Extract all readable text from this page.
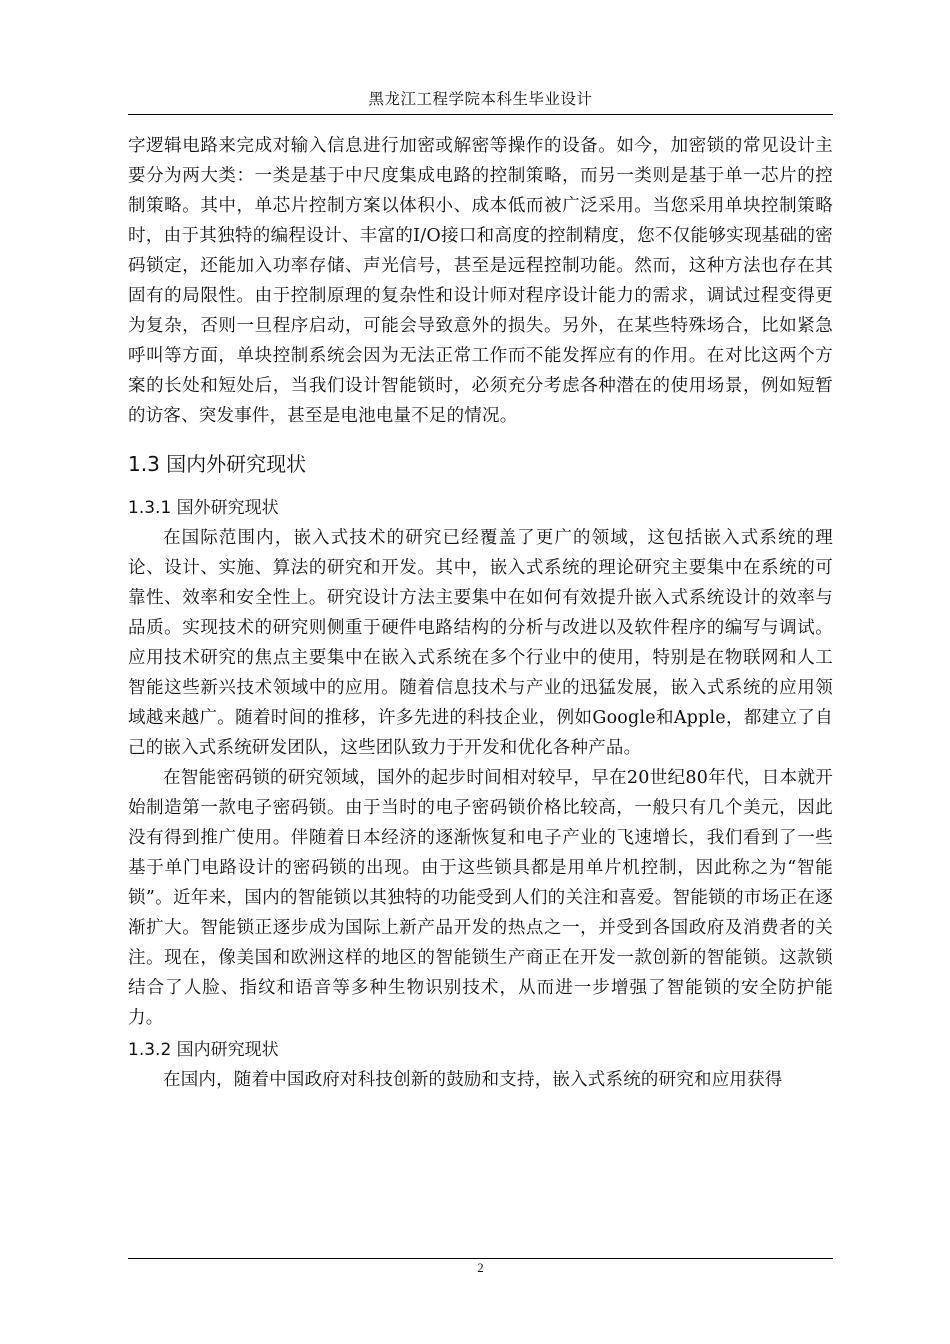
黑龙江工程学院本科生毕业设计

字逻辑电路来完成对输入信息进行加密或解密等操作的设备。如今，加密锁的常见设计主要分为两大类：一类是基于中尺度集成电路的控制策略，而另一类则是基于单一芯片的控制策略。其中，单芯片控制方案以体积小、成本低而被广泛采用。当您采用单块控制策略时，由于其独特的编程设计、丰富的I/O接口和高度的控制精度，您不仅能够实现基础的密码锁定，还能加入功率存储、声光信号，甚至是远程控制功能。然而，这种方法也存在其固有的局限性。由于控制原理的复杂性和设计师对程序设计能力的需求，调试过程变得更为复杂，否则一旦程序启动，可能会导致意外的损失。另外，在某些特殊场合，比如紧急呼叫等方面，单块控制系统会因为无法正常工作而不能发挥应有的作用。在对比这两个方案的长处和短处后，当我们设计智能锁时，必须充分考虑各种潜在的使用场景，例如短暂的访客、突发事件，甚至是电池电量不足的情况。

1.3 国内外研究现状
1.3.1 国外研究现状

在国际范围内，嵌入式技术的研究已经覆盖了更广的领域，这包括嵌入式系统的理论、设计、实施、算法的研究和开发。其中，嵌入式系统的理论研究主要集中在系统的可靠性、效率和安全性上。研究设计方法主要集中在如何有效提升嵌入式系统设计的效率与品质。实现技术的研究则侧重于硬件电路结构的分析与改进以及软件程序的编写与调试。应用技术研究的焦点主要集中在嵌入式系统在多个行业中的使用，特别是在物联网和人工智能这些新兴技术领域中的应用。随着信息技术与产业的迅猛发展，嵌入式系统的应用领域越来越广。随着时间的推移，许多先进的科技企业，例如Google和Apple，都建立了自己的嵌入式系统研发团队，这些团队致力于开发和优化各种产品。

在智能密码锁的研究领域，国外的起步时间相对较早，早在20世纪80年代，日本就开始制造第一款电子密码锁。由于当时的电子密码锁价格比较高，一般只有几个美元，因此没有得到推广使用。伴随着日本经济的逐渐恢复和电子产业的飞速增长，我们看到了一些基于单门电路设计的密码锁的出现。由于这些锁具都是用单片机控制，因此称之为“智能锁”。近年来，国内的智能锁以其独特的功能受到人们的关注和喜爱。智能锁的市场正在逐渐扩大。智能锁正逐步成为国际上新产品开发的热点之一，并受到各国政府及消费者的关注。现在，像美国和欧洲这样的地区的智能锁生产商正在开发一款创新的智能锁。这款锁结合了人脸、指纹和语音等多种生物识别技术，从而进一步增强了智能锁的安全防护能力。

1.3.2 国内研究现状

在国内，随着中国政府对科技创新的鼓励和支持，嵌入式系统的研究和应用获得

2
